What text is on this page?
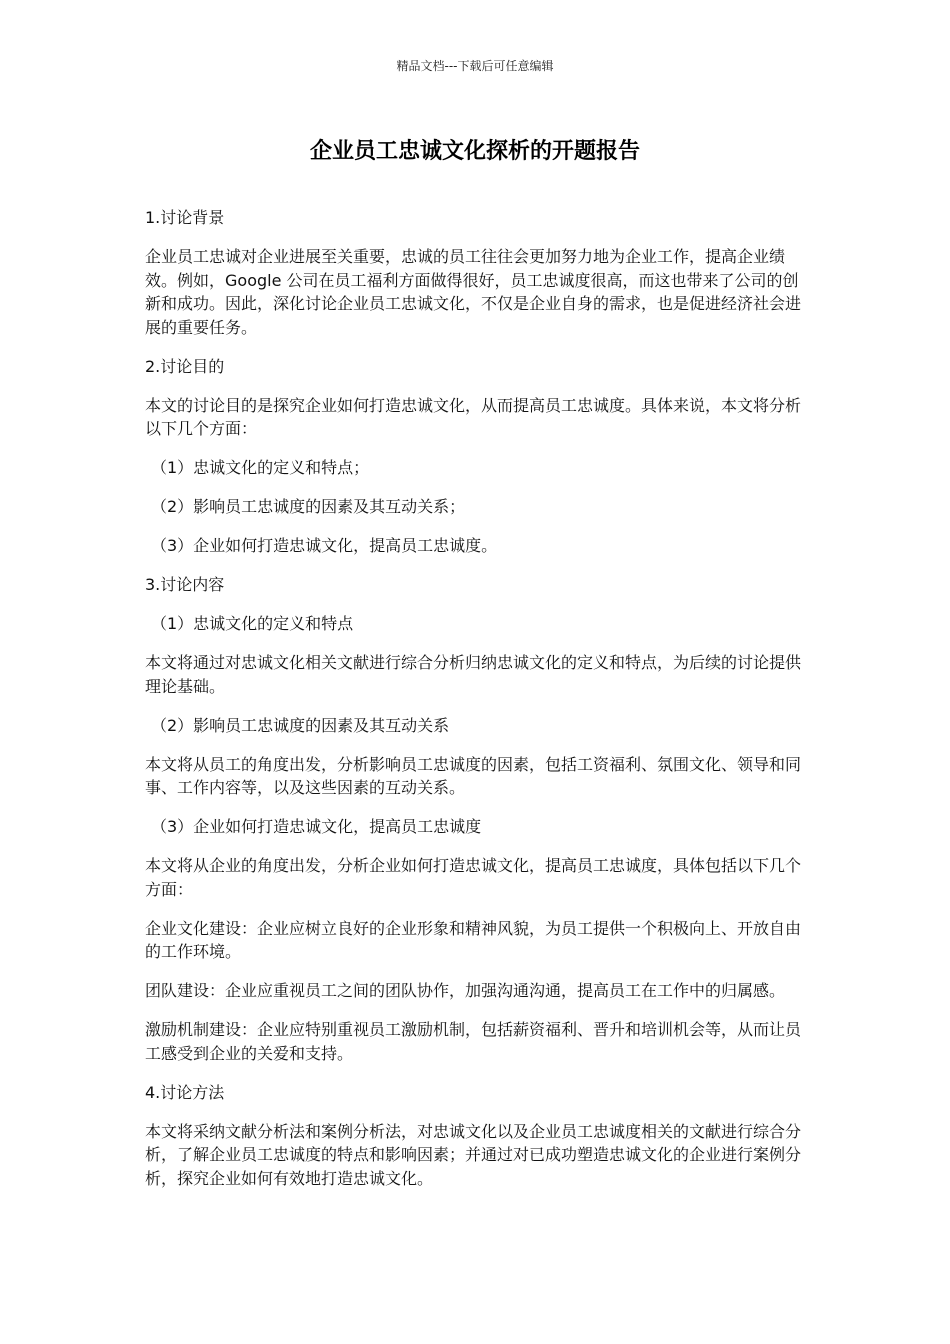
精品文档---下载后可任意编辑
企业员工忠诚文化探析的开题报告

1.讨论背景

企业员工忠诚对企业进展至关重要，忠诚的员工往往会更加努力地为企业工作，提高企业绩效。例如，Google 公司在员工福利方面做得很好，员工忠诚度很高，而这也带来了公司的创新和成功。因此，深化讨论企业员工忠诚文化，不仅是企业自身的需求，也是促进经济社会进展的重要任务。

2.讨论目的

本文的讨论目的是探究企业如何打造忠诚文化，从而提高员工忠诚度。具体来说，本文将分析以下几个方面：

（1）忠诚文化的定义和特点；

（2）影响员工忠诚度的因素及其互动关系；

（3）企业如何打造忠诚文化，提高员工忠诚度。

3.讨论内容

（1）忠诚文化的定义和特点

本文将通过对忠诚文化相关文献进行综合分析归纳忠诚文化的定义和特点，为后续的讨论提供理论基础。

（2）影响员工忠诚度的因素及其互动关系

本文将从员工的角度出发，分析影响员工忠诚度的因素，包括工资福利、氛围文化、领导和同事、工作内容等，以及这些因素的互动关系。

（3）企业如何打造忠诚文化，提高员工忠诚度

本文将从企业的角度出发，分析企业如何打造忠诚文化，提高员工忠诚度，具体包括以下几个方面：

企业文化建设：企业应树立良好的企业形象和精神风貌，为员工提供一个积极向上、开放自由的工作环境。

团队建设：企业应重视员工之间的团队协作，加强沟通沟通，提高员工在工作中的归属感。

激励机制建设：企业应特别重视员工激励机制，包括薪资福利、晋升和培训机会等，从而让员工感受到企业的关爱和支持。

4.讨论方法

本文将采纳文献分析法和案例分析法，对忠诚文化以及企业员工忠诚度相关的文献进行综合分析，了解企业员工忠诚度的特点和影响因素；并通过对已成功塑造忠诚文化的企业进行案例分析，探究企业如何有效地打造忠诚文化。
